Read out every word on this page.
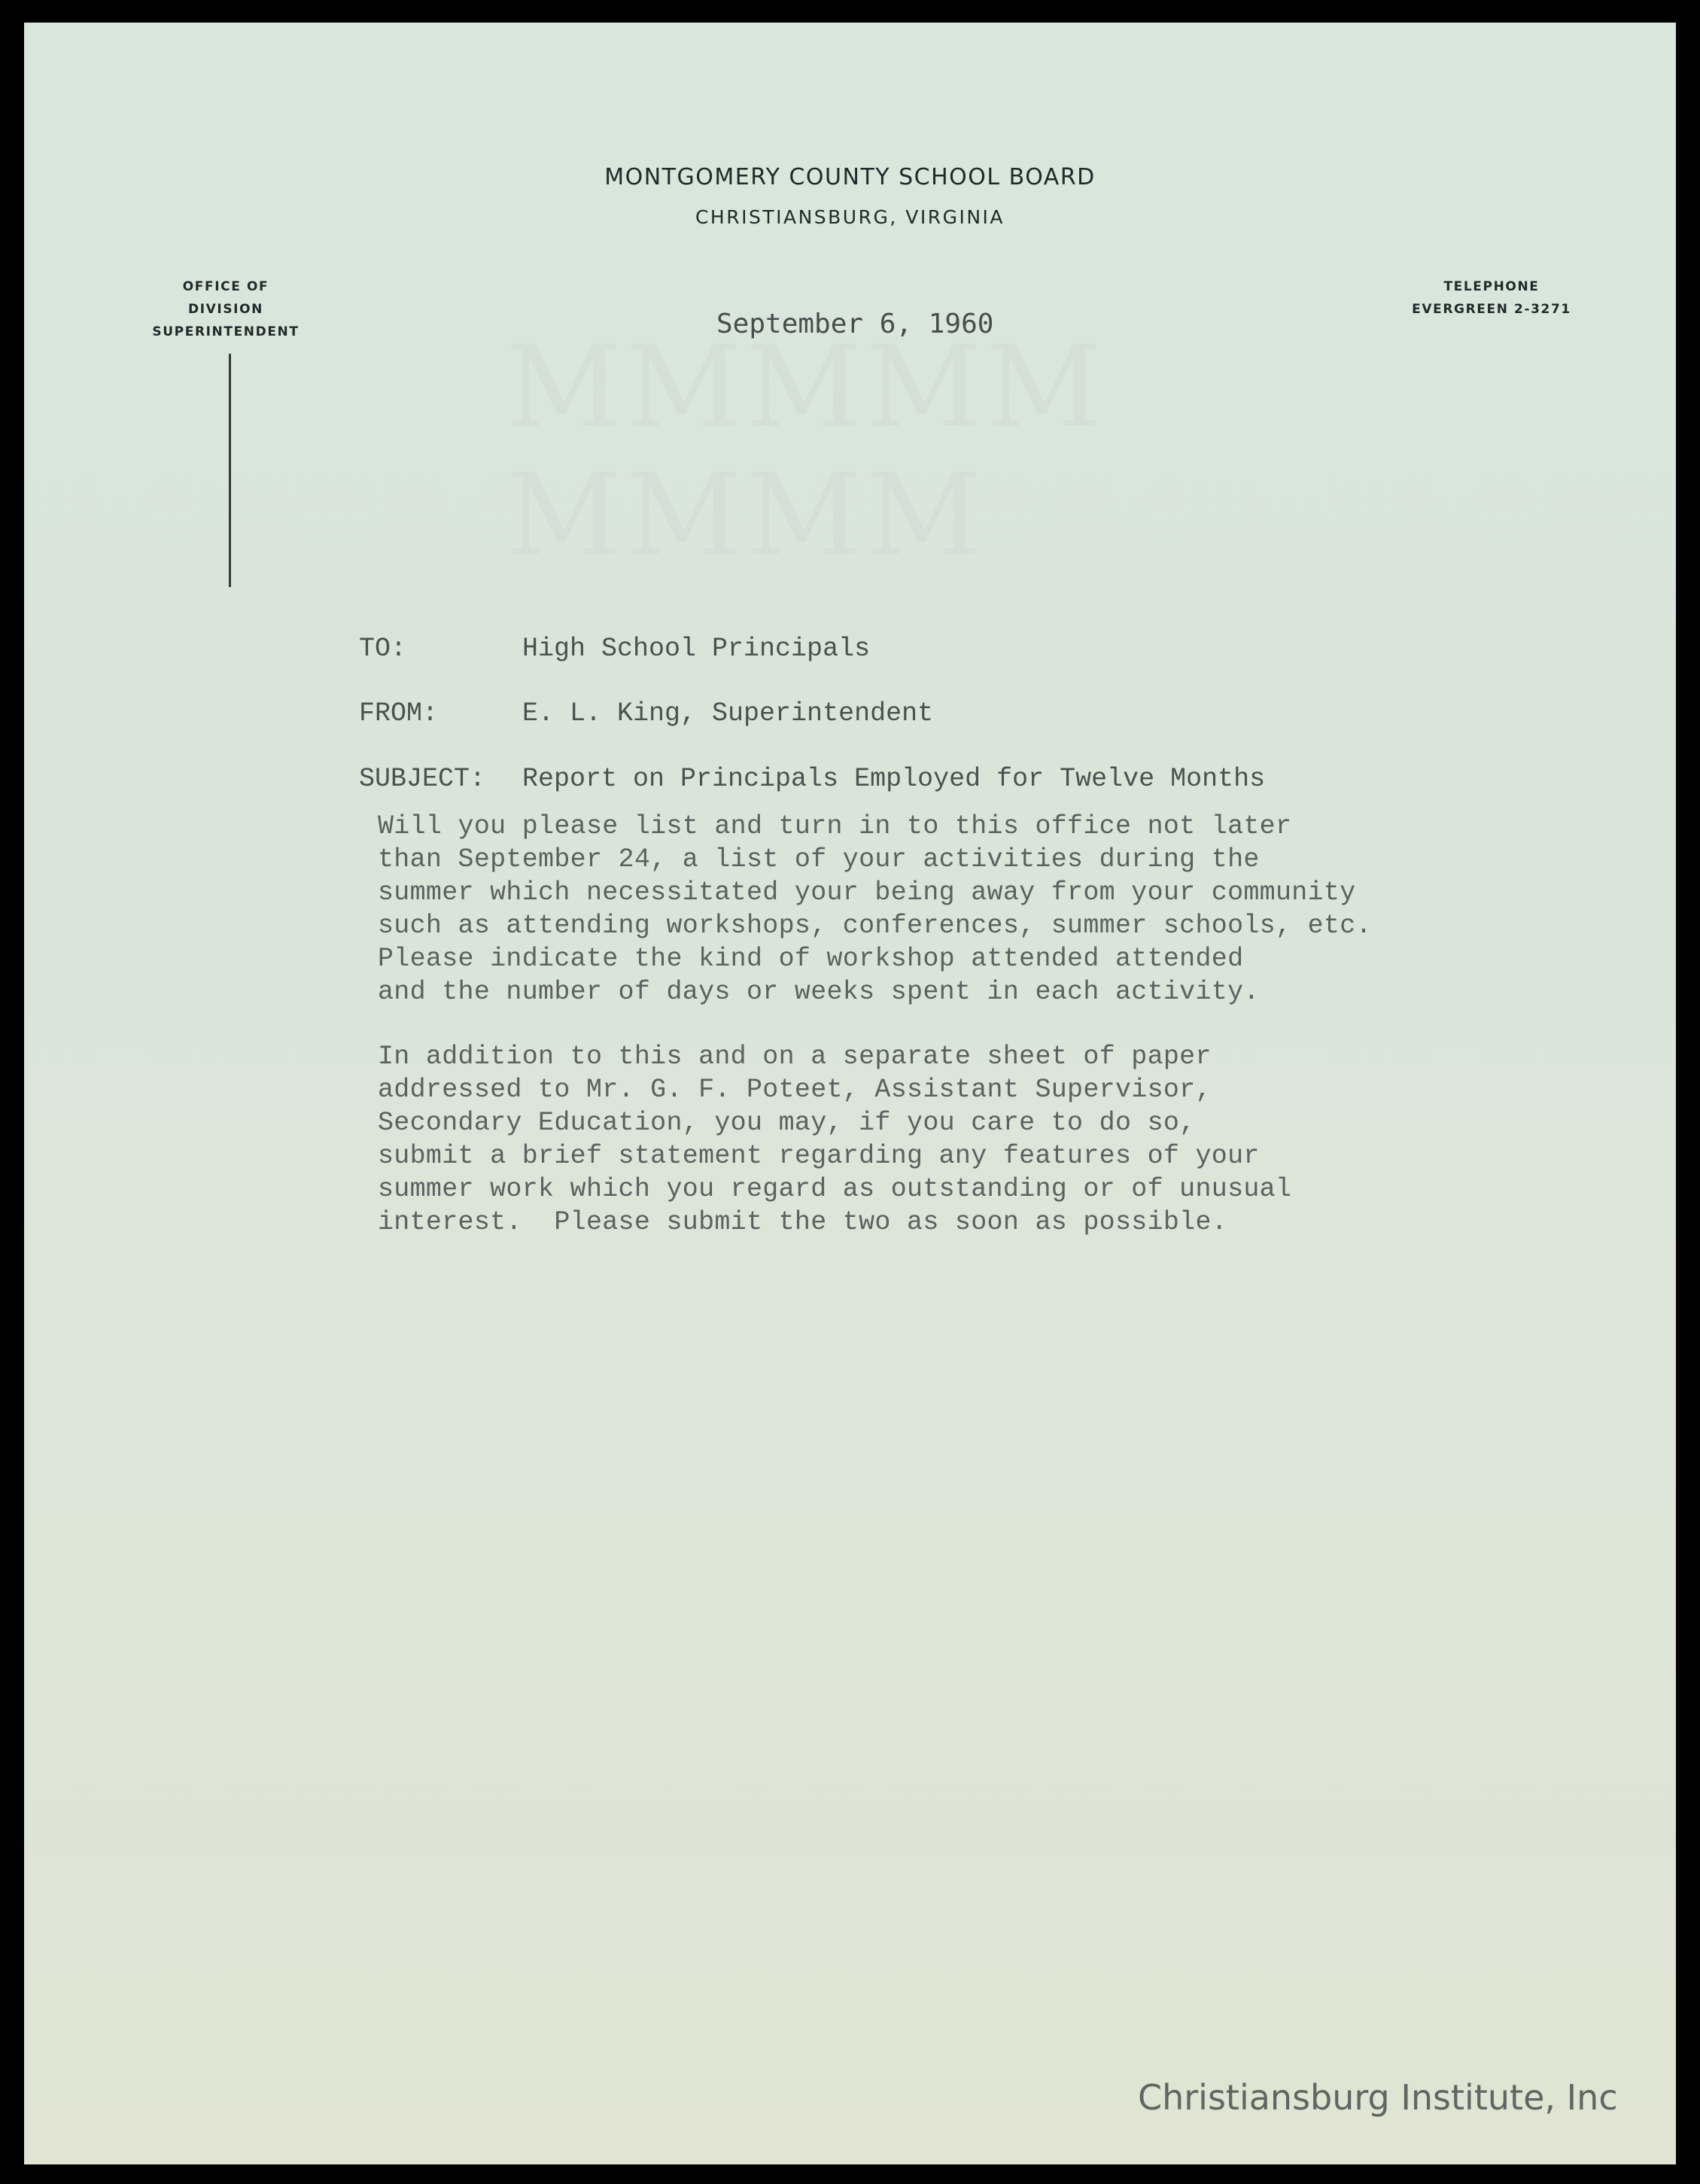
MONTGOMERY COUNTY SCHOOL BOARD
CHRISTIANSBURG, VIRGINIA
OFFICE OF
DIVISION SUPERINTENDENT
TELEPHONE
EVERGREEN 2-3271
September 6, 1960
TO:	High School Principals
FROM:	E. L. King, Superintendent
SUBJECT: Report on Principals Employed for Twelve Months
Will you please list and turn in to this office not later
than September 24, a list of your activities during the
summer which necessitated your being away from your community
such as attending workshops, conferences, summer schools, etc.
Please indicate the kind of workshop attended attended
and the number of days or weeks spent in each activity.
In addition to this and on a separate sheet of paper
addressed to Mr. G. F. Poteet, Assistant Supervisor,
Secondary Education, you may, if you care to do so,
submit a brief statement regarding any features of your
summer work which you regard as outstanding or of unusual
interest.  Please submit the two as soon as possible.
Christiansburg Institute, Inc
